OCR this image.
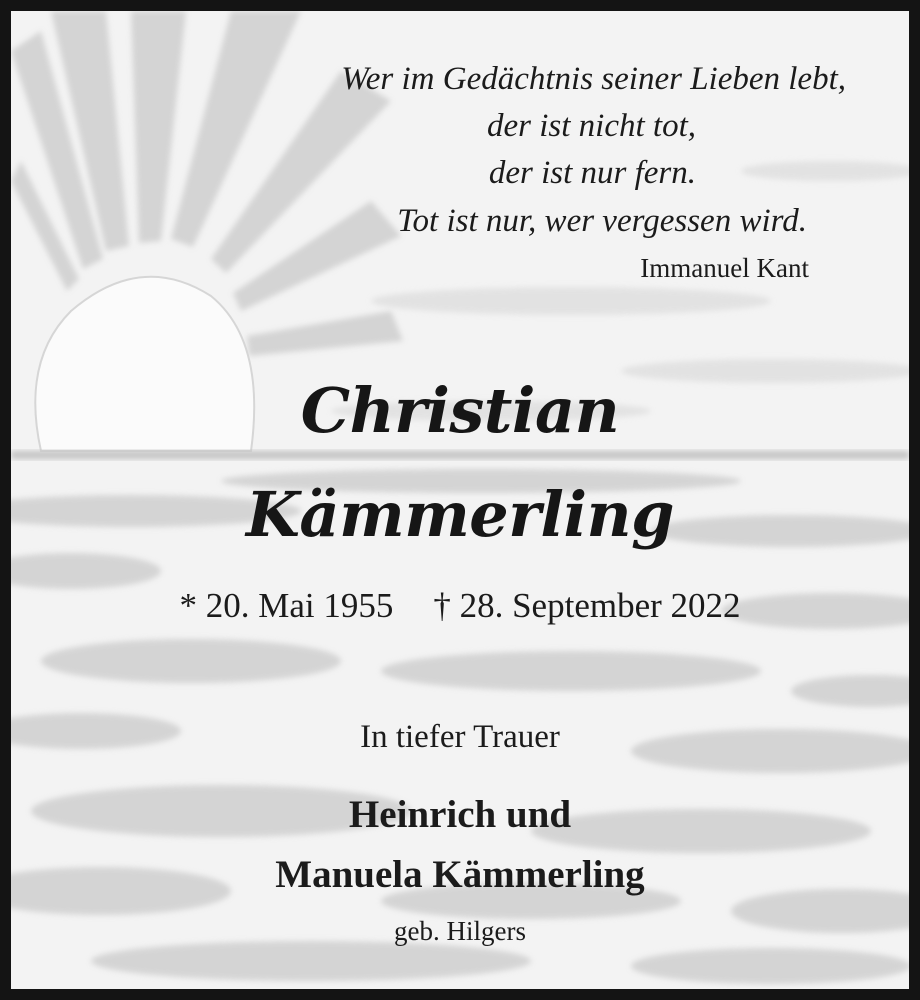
Wer im Gedächtnis seiner Lieben lebt,
der ist nicht tot,
der ist nur fern.
Tot ist nur, wer vergessen wird.
Immanuel Kant
Christian
Kämmerling
* 20. Mai 1955 † 28. September 2022
In tiefer Trauer
Heinrich und
Manuela Kämmerling
geb. Hilgers
